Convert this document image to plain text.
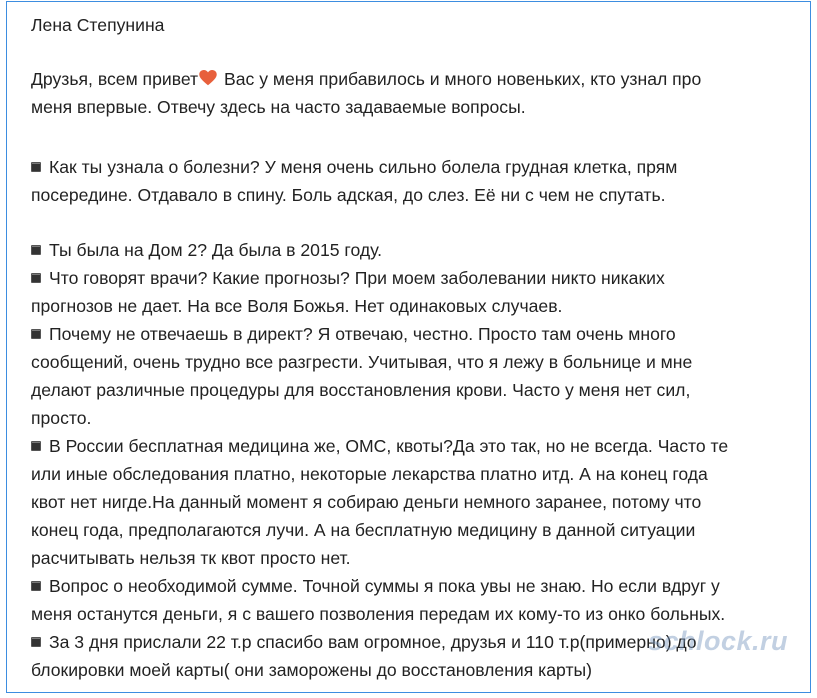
Лена Степунина
Друзья, всем привет Вас у меня прибавилось и много новеньких, кто узнал про
меня впервые. Отвечу здесь на часто задаваемые вопросы.
Как ты узнала о болезни? У меня очень сильно болела грудная клетка, прям
посередине. Отдавало в спину. Боль адская, до слез. Её ни с чем не спутать.
Ты была на Дом 2? Да была в 2015 году.
Что говорят врачи? Какие прогнозы? При моем заболевании никто никаких
прогнозов не дает. На все Воля Божья. Нет одинаковых случаев.
Почему не отвечаешь в директ? Я отвечаю, честно. Просто там очень много
сообщений, очень трудно все разгрести. Учитывая, что я лежу в больнице и мне
делают различные процедуры для восстановления крови. Часто у меня нет сил,
просто.
В России бесплатная медицина же, ОМС, квоты?Да это так, но не всегда. Часто те
или иные обследования платно, некоторые лекарства платно итд. А на конец года
квот нет нигде.На данный момент я собираю деньги немного заранее, потому что
конец года, предполагаются лучи. А на бесплатную медицину в данной ситуации
расчитывать нельзя тк квот просто нет.
Вопрос о необходимой сумме. Точной суммы я пока увы не знаю. Но если вдруг у
меня останутся деньги, я с вашего позволения передам их кому-то из онко больных.
За 3 дня прислали 22 т.р спасибо вам огромное, друзья и 110 т.р(примерно) до
блокировки моей карты( они заморожены до восстановления карты)
schlock.ru
